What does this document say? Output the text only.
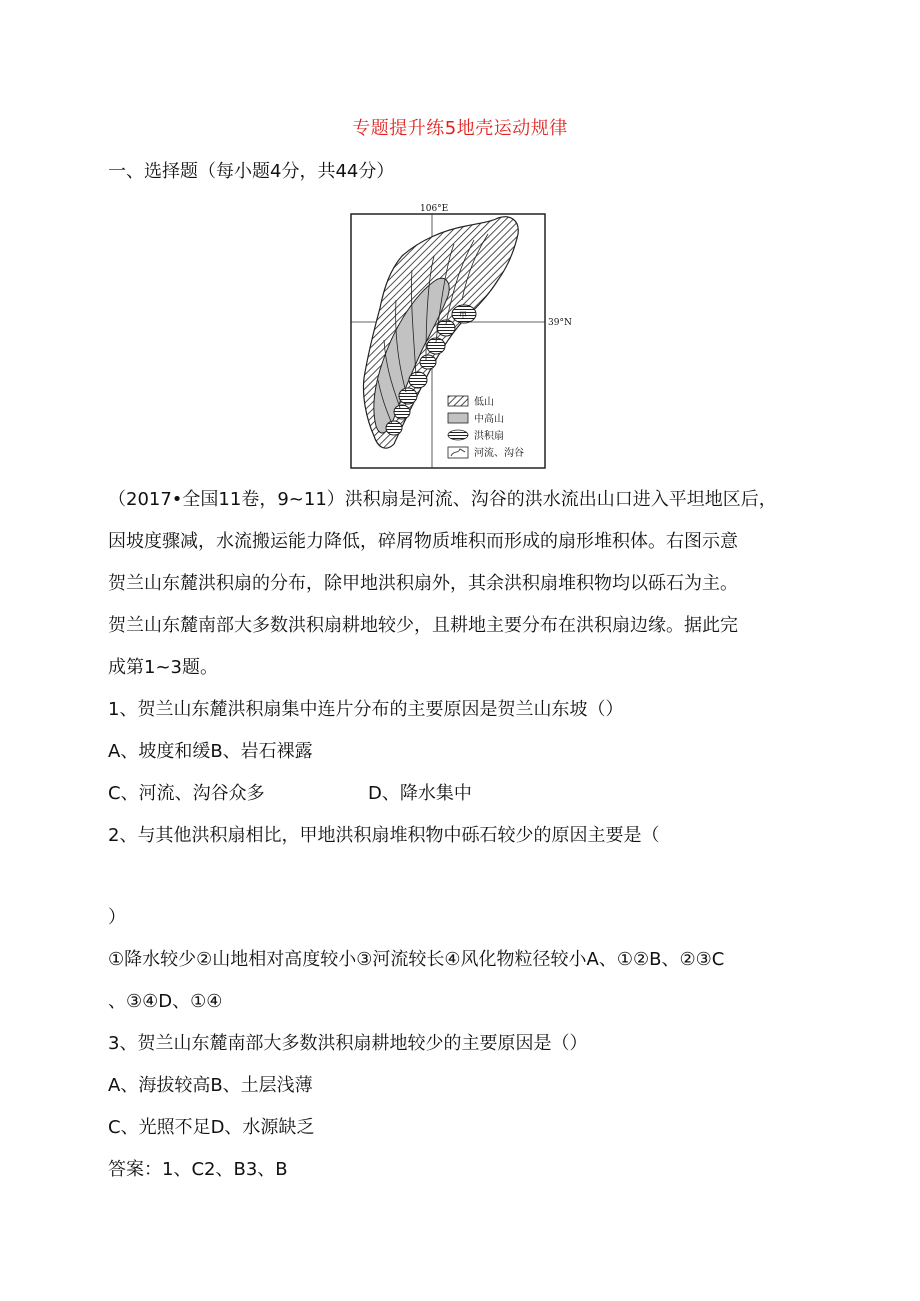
专题提升练5地壳运动规律
一、选择题（每小题4分，共44分）
106°E
39°N
甲
低山
中高山
洪积扇
河流、沟谷
（2017•全国11卷，9~11）洪积扇是河流、沟谷的洪水流出山口进入平坦地区后，
因坡度骤减，水流搬运能力降低，碎屑物质堆积而形成的扇形堆积体。右图示意
贺兰山东麓洪积扇的分布，除甲地洪积扇外，其余洪积扇堆积物均以砾石为主。
贺兰山东麓南部大多数洪积扇耕地较少，且耕地主要分布在洪积扇边缘。据此完
成第1~3题。
1、贺兰山东麓洪积扇集中连片分布的主要原因是贺兰山东坡（）
A、坡度和缓B、岩石裸露
C、河流、沟谷众多	D、降水集中
2、与其他洪积扇相比，甲地洪积扇堆积物中砾石较少的原因主要是（
）
①降水较少②山地相对高度较小③河流较长④风化物粒径较小A、①②B、②③C
、③④D、①④
3、贺兰山东麓南部大多数洪积扇耕地较少的主要原因是（）
A、海拔较高B、土层浅薄
C、光照不足D、水源缺乏
答案：1、C2、B3、B
